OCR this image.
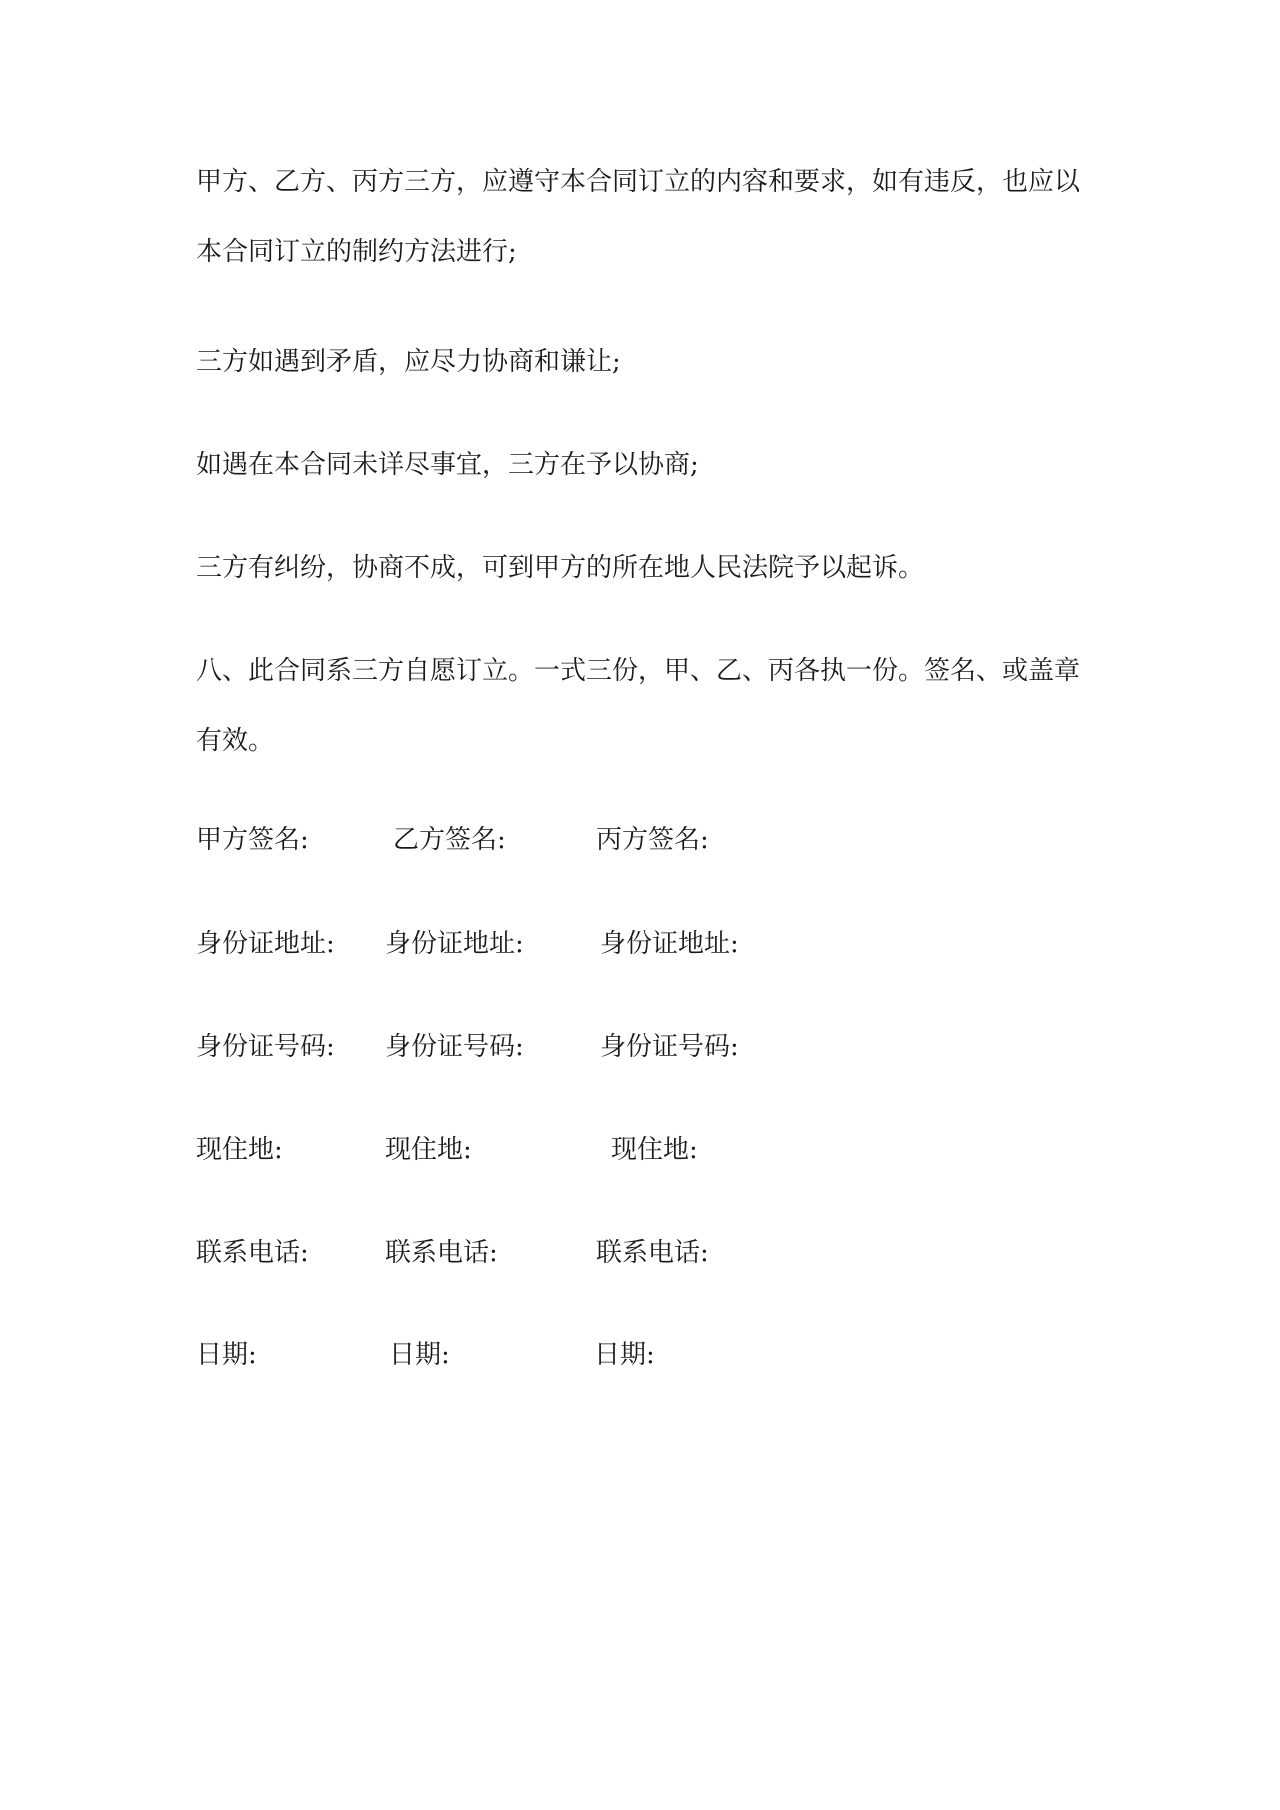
甲方、乙方、丙方三方，应遵守本合同订立的内容和要求，如有违反，也应以本合同订立的制约方法进行;

三方如遇到矛盾，应尽力协商和谦让;

如遇在本合同未详尽事宜，三方在予以协商;

三方有纠纷，协商不成，可到甲方的所在地人民法院予以起诉。

八、此合同系三方自愿订立。一式三份，甲、乙、丙各执一份。签名、或盖章有效。

甲方签名:	乙方签名:	丙方签名:
身份证地址: 身份证地址:	身份证地址:
身份证号码: 身份证号码:	身份证号码:
现住地:	现住地:	现住地:
联系电话:	联系电话:	联系电话:
日期:	日期:	日期:
